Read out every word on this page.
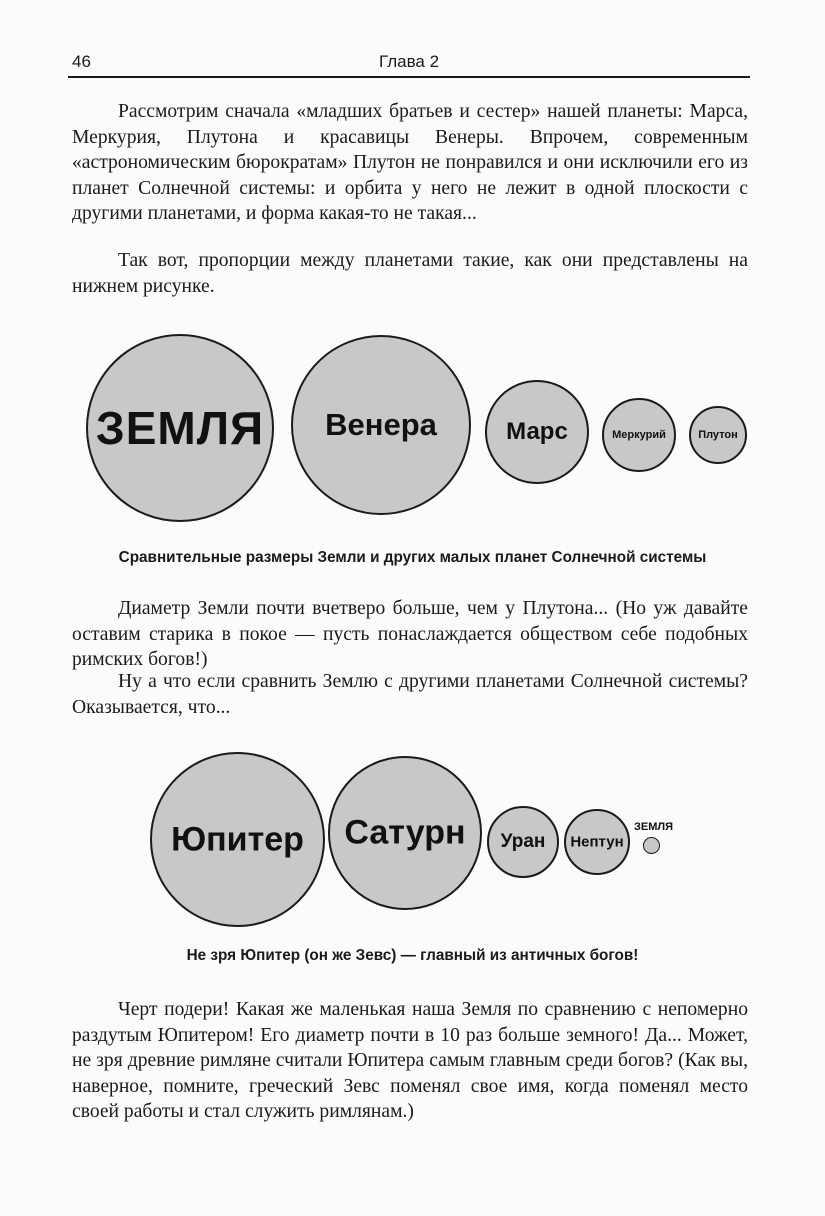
46	Глава 2

Рассмотрим сначала «младших братьев и сестер» нашей планеты: Марса, Меркурия, Плутона и красавицы Венеры. Впрочем, современным «астрономическим бюрократам» Плутон не понравился и они исключили его из планет Солнечной системы: и орбита у него не лежит в одной плоскости с другими планетами, и форма какая-то не такая...

Так вот, пропорции между планетами такие, как они представлены на нижнем рисунке.

ЗЕМЛЯ	Венера	Марс	Меркурий	Плутон
Сравнительные размеры Земли и других малых планет Солнечной системы

Диаметр Земли почти вчетверо больше, чем у Плутона... (Но уж давайте оставим старика в покое — пусть понаслаждается обществом себе подобных римских богов!)

Ну а что если сравнить Землю с другими планетами Солнечной системы? Оказывается, что...

Юпитер	Сатурн	Уран	Нептун
ЗЕМЛЯ
Не зря Юпитер (он же Зевс) — главный из античных богов!

Черт подери! Какая же маленькая наша Земля по сравнению с непомерно раздутым Юпитером! Его диаметр почти в 10 раз больше земного! Да... Может, не зря древние римляне считали Юпитера самым главным среди богов? (Как вы, наверное, помните, греческий Зевс поменял свое имя, когда поменял место своей работы и стал служить римлянам.)
